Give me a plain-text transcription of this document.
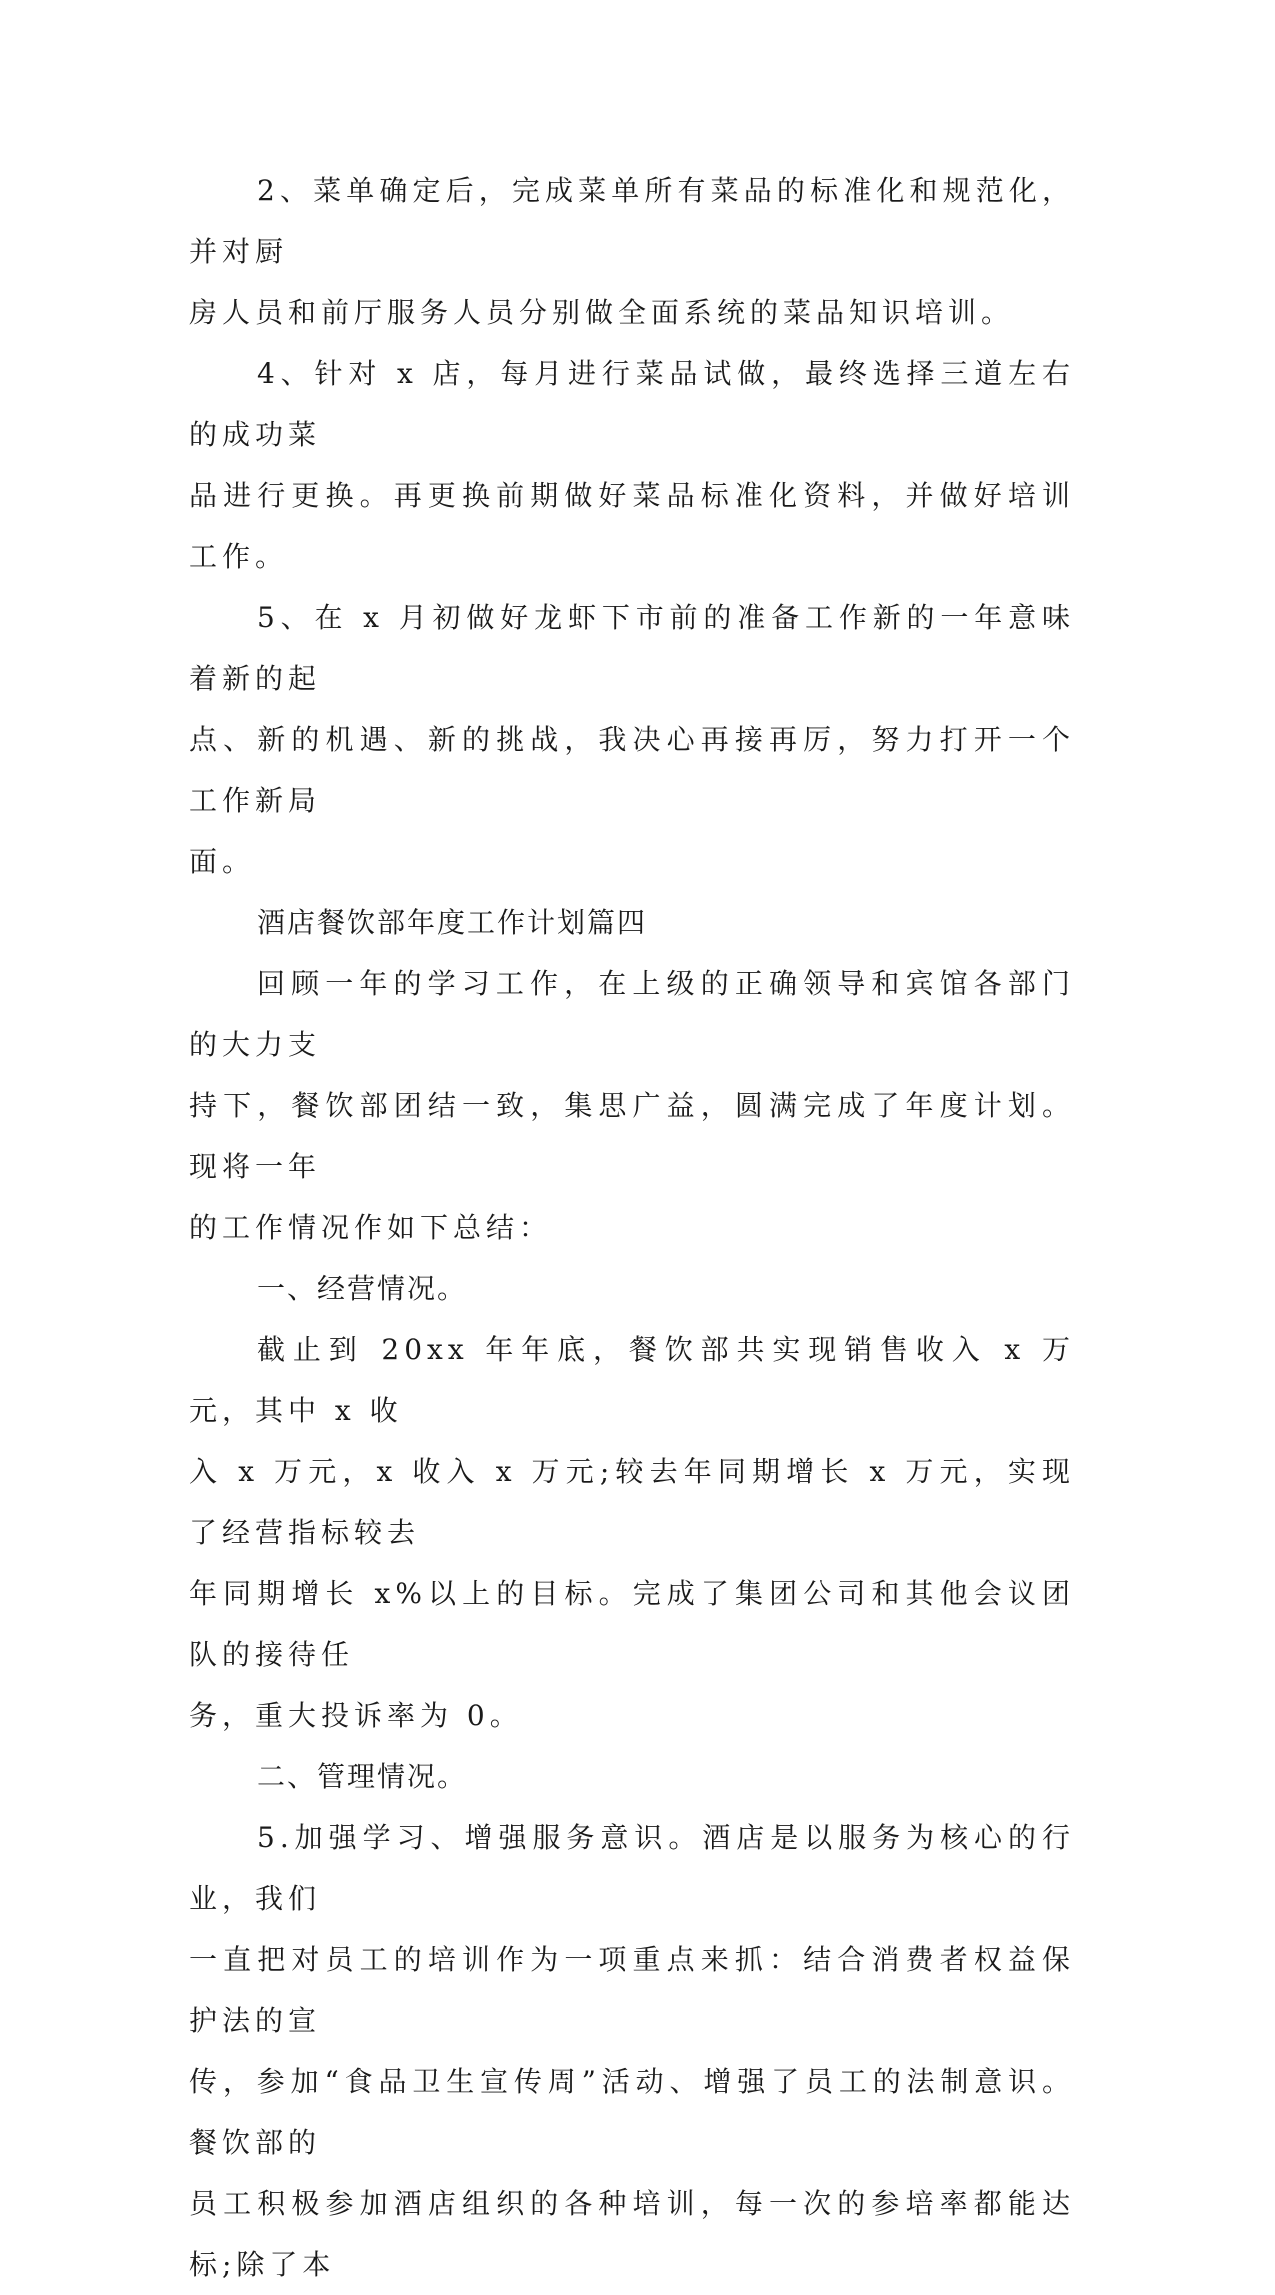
2、菜单确定后，完成菜单所有菜品的标准化和规范化，并对厨
房人员和前厅服务人员分别做全面系统的菜品知识培训。

4、针对 x 店，每月进行菜品试做，最终选择三道左右的成功菜
品进行更换。再更换前期做好菜品标准化资料，并做好培训工作。

5、在 x 月初做好龙虾下市前的准备工作新的一年意味着新的起
点、新的机遇、新的挑战，我决心再接再厉，努力打开一个工作新局
面。

酒店餐饮部年度工作计划篇四

回顾一年的学习工作，在上级的正确领导和宾馆各部门的大力支
持下，餐饮部团结一致，集思广益，圆满完成了年度计划。现将一年
的工作情况作如下总结：

一、经营情况。

截止到 20xx 年年底，餐饮部共实现销售收入 x 万元，其中 x 收
入 x 万元，x 收入 x 万元;较去年同期增长 x 万元，实现了经营指标较去
年同期增长 x%以上的目标。完成了集团公司和其他会议团队的接待任
务，重大投诉率为 0。

二、管理情况。

5.加强学习、增强服务意识。酒店是以服务为核心的行业，我们
一直把对员工的培训作为一项重点来抓：结合消费者权益保护法的宣
传，参加“食品卫生宣传周”活动、增强了员工的法制意识。餐饮部的
员工积极参加酒店组织的各种培训，每一次的参培率都能达标;除了本
